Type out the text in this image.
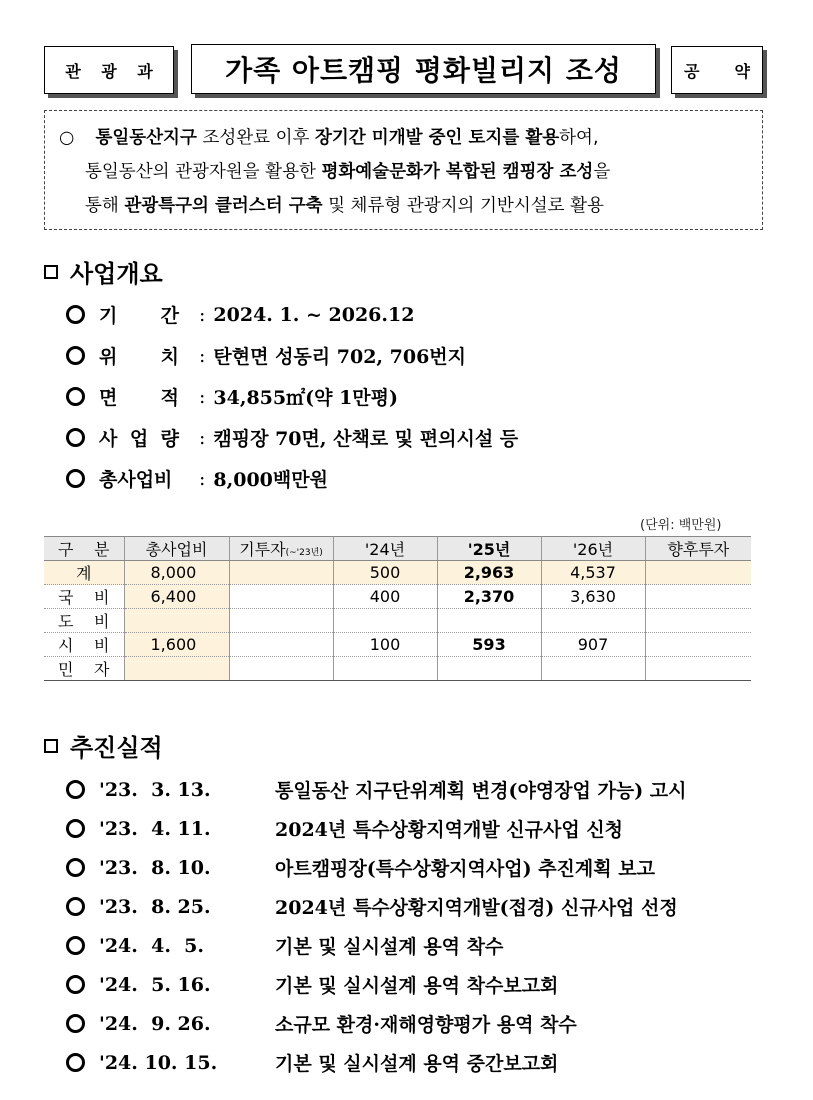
관 광 과	가족 아트캠핑 평화빌리지 조성	공 약
○ 통일동산지구 조성완료 이후 장기간 미개발 중인 토지를 활용하여,
통일동산의 관광자원을 활용한 평화예술문화가 복합된 캠핑장 조성을
통해 관광특구의 클러스터 구축 및 체류형 관광지의 기반시설로 활용
사업개요
기 간 : 2024. 1. ~ 2026.12
위 치 : 탄현면 성동리 702, 706번지
면 적 : 34,855㎡(약 1만평)
사 업 량 : 캠핑장 70면, 산책로 및 편의시설 등
총사업비 : 8,000백만원
(단위: 백만원)
구 분	총사업비	기투자(~'23년)	'24년	'25년	'26년	향후투자

계	8,000		500	2,963	4,537	

국 비	6,400		400	2,370	3,630	

도 비						

시 비	1,600		100	593	907	

민 자						

추진실적
'23.  3. 13.	통일동산 지구단위계획 변경(야영장업 가능) 고시
'23.  4. 11.	2024년 특수상황지역개발 신규사업 신청
'23.  8. 10.	아트캠핑장(특수상황지역사업) 추진계획 보고
'23.  8. 25.	2024년 특수상황지역개발(접경) 신규사업 선정
'24.  4.  5.	기본 및 실시설계 용역 착수
'24.  5. 16.	기본 및 실시설계 용역 착수보고회
'24.  9. 26.	소규모 환경·재해영향평가 용역 착수
'24. 10. 15.	기본 및 실시설계 용역 중간보고회
